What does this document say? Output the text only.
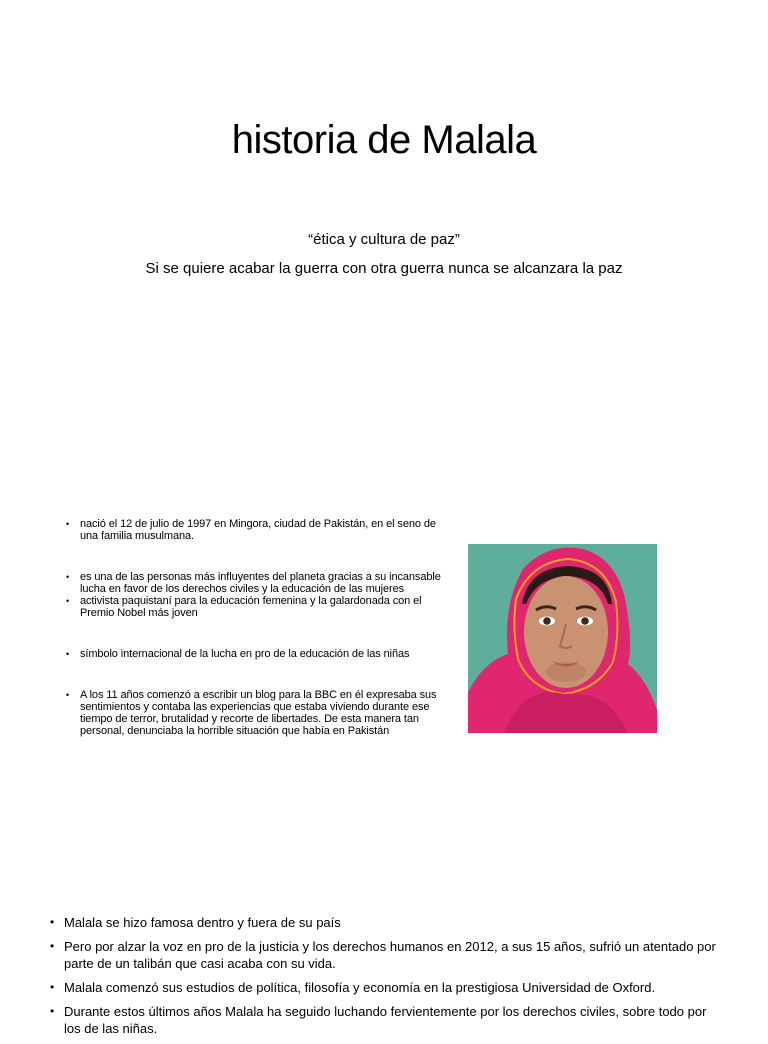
historia de Malala

“ética y cultura de paz”

Si se quiere acabar la guerra con otra guerra nunca se alcanzara la paz

• nació el 12 de julio de 1997 en Mingora, ciudad de Pakistán, en el seno de una familia musulmana.
• es una de las personas más influyentes del planeta gracias a su incansable lucha en favor de los derechos civiles y la educación de las mujeres
• activista paquistaní para la educación femenina y la galardonada con el Premio Nobel más joven
• símbolo internacional de la lucha en pro de la educación de las niñas
• A los 11 años comenzó a escribir un blog para la BBC en él expresaba sus sentimientos y contaba las experiencias que estaba viviendo durante ese tiempo de terror, brutalidad y recorte de libertades. De esta manera tan personal, denunciaba la horrible situación que había en Pakistán
• Malala se hizo famosa dentro y fuera de su país
• Pero por alzar la voz en pro de la justicia y los derechos humanos en 2012, a sus 15 años, sufrió un atentado por parte de un talibán que casi acaba con su vida.
• Malala comenzó sus estudios de política, filosofía y economía en la prestigiosa Universidad de Oxford.
• Durante estos últimos años Malala ha seguido luchando fervientemente por los derechos civiles, sobre todo por los de las niñas.
